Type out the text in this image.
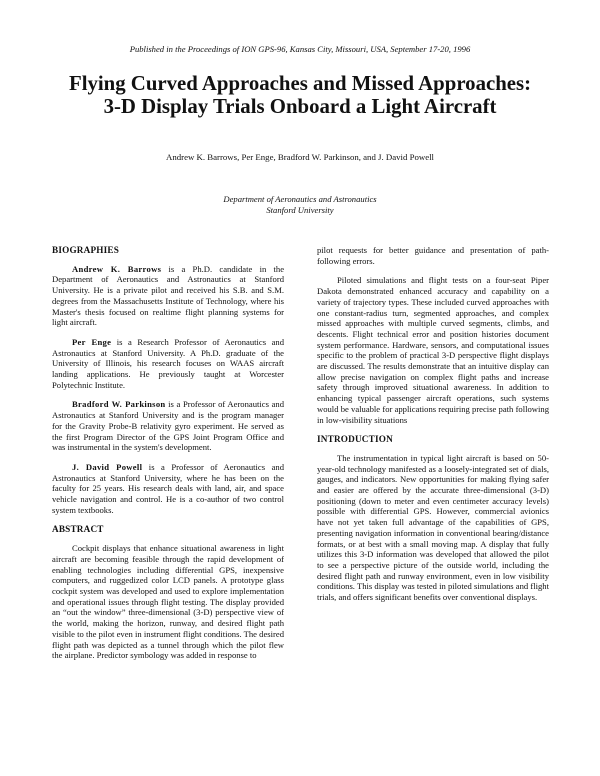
Published in the Proceedings of ION GPS-96, Kansas City, Missouri, USA, September 17-20, 1996
Flying Curved Approaches and Missed Approaches:
3-D Display Trials Onboard a Light Aircraft
Andrew K. Barrows, Per Enge, Bradford W. Parkinson, and J. David Powell
Department of Aeronautics and Astronautics
Stanford University
BIOGRAPHIES

Andrew K. Barrows is a Ph.D. candidate in the Department of Aeronautics and Astronautics at Stanford University. He is a private pilot and received his S.B. and S.M. degrees from the Massachusetts Institute of Technology, where his Master's thesis focused on realtime flight planning systems for light aircraft.

Per Enge is a Research Professor of Aeronautics and Astronautics at Stanford University. A Ph.D. graduate of the University of Illinois, his research focuses on WAAS aircraft landing applications. He previously taught at Worcester Polytechnic Institute.

Bradford W. Parkinson is a Professor of Aeronautics and Astronautics at Stanford University and is the program manager for the Gravity Probe-B relativity gyro experiment. He served as the first Program Director of the GPS Joint Program Office and was instrumental in the system's development.

J. David Powell is a Professor of Aeronautics and Astronautics at Stanford University, where he has been on the faculty for 25 years. His research deals with land, air, and space vehicle navigation and control. He is a co-author of two control system textbooks.

ABSTRACT

Cockpit displays that enhance situational awareness in light aircraft are becoming feasible through the rapid development of enabling technologies including differential GPS, inexpensive computers, and ruggedized color LCD panels. A prototype glass cockpit system was developed and used to explore implementation and operational issues through flight testing. The display provided an “out the window” three-dimensional (3-D) perspective view of the world, making the horizon, runway, and desired flight path visible to the pilot even in instrument flight conditions. The desired flight path was depicted as a tunnel through which the pilot flew the airplane. Predictor symbology was added in response to

pilot requests for better guidance and presentation of path-following errors.

Piloted simulations and flight tests on a four-seat Piper Dakota demonstrated enhanced accuracy and capability on a variety of trajectory types. These included curved approaches with one constant-radius turn, segmented approaches, and complex missed approaches with multiple curved segments, climbs, and descents. Flight technical error and position histories document system performance. Hardware, sensors, and computational issues specific to the problem of practical 3-D perspective flight displays are discussed. The results demonstrate that an intuitive display can allow precise navigation on complex flight paths and increase safety through improved situational awareness. In addition to enhancing typical passenger aircraft operations, such systems would be valuable for applications requiring precise path following in low-visibility situations

INTRODUCTION

The instrumentation in typical light aircraft is based on 50-year-old technology manifested as a loosely-integrated set of dials, gauges, and indicators. New opportunities for making flying safer and easier are offered by the accurate three-dimensional (3-D) positioning (down to meter and even centimeter accuracy levels) possible with differential GPS. However, commercial avionics have not yet taken full advantage of the capabilities of GPS, presenting navigation information in conventional bearing/distance formats, or at best with a small moving map. A display that fully utilizes this 3-D information was developed that allowed the pilot to see a perspective picture of the outside world, including the desired flight path and runway environment, even in low visibility conditions. This display was tested in piloted simulations and flight trials, and offers significant benefits over conventional displays.
